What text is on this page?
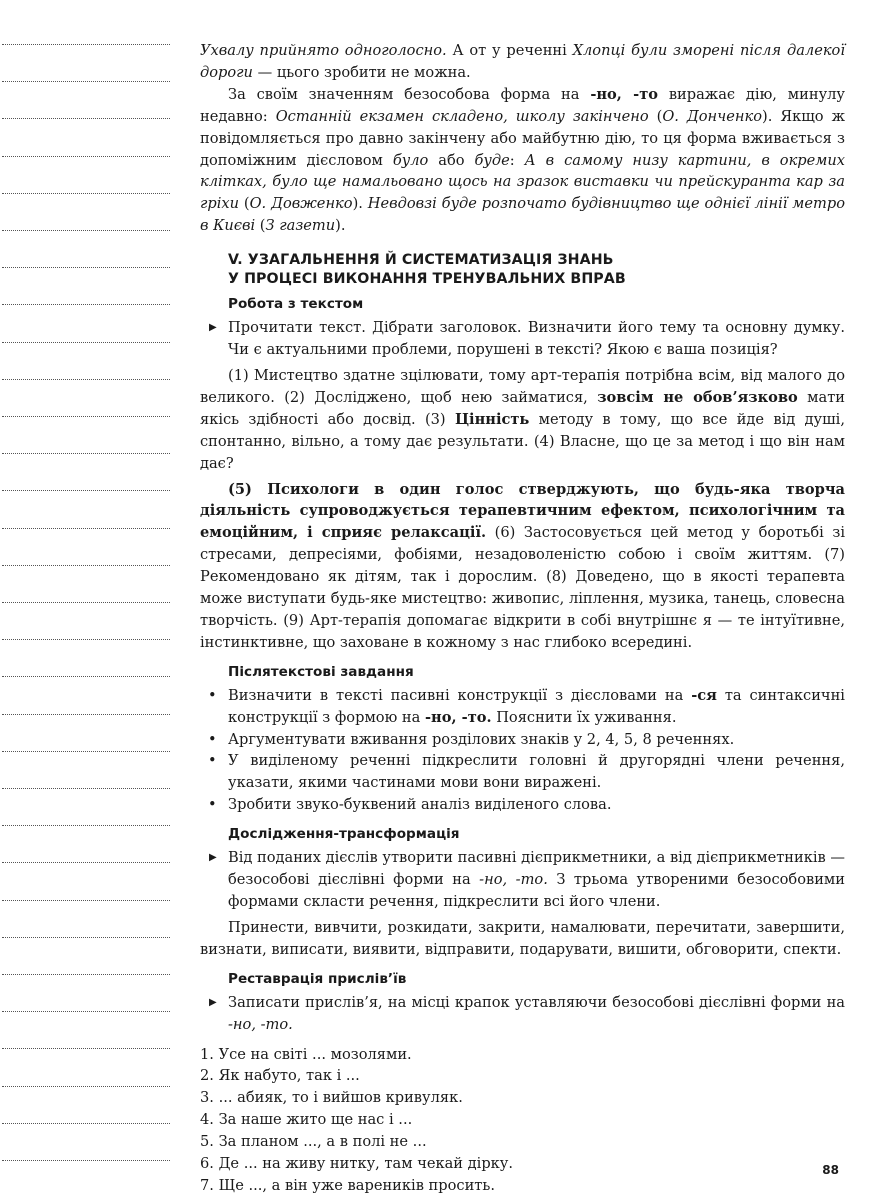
Ухвалу прийнято одноголосно. А от у реченні Хлопці були зморені після далекої дороги — цього зробити не можна.

За своїм значенням безособова форма на -но, -то виражає дію, минулу недавно: Останній екзамен складено, школу закінчено (О. Донченко). Якщо ж повідомляється про давно закінчену або майбутню дію, то ця форма вживається з допоміжним дієсловом було або буде: А в самому низу картини, в окремих клітках, було ще намальовано щось на зразок виставки чи прейскуранта кар за гріхи (О. Довженко). Невдовзі буде розпочато будівництво ще однієї лінії метро в Києві (З газети).

V. УЗАГАЛЬНЕННЯ Й СИСТЕМАТИЗАЦІЯ ЗНАНЬ
У ПРОЦЕСІ ВИКОНАННЯ ТРЕНУВАЛЬНИХ ВПРАВ
Робота з текстом
▶ Прочитати текст. Дібрати заголовок. Визначити його тему та основну думку. Чи є актуальними проблеми, порушені в тексті? Якою є ваша позиція?

(1) Мистецтво здатне зцілювати, тому арт-терапія потрібна всім, від малого до великого. (2) Досліджено, щоб нею займатися, зовсім не обов’язково мати якісь здібності або досвід. (3) Цінність методу в тому, що все йде від душі, спонтанно, вільно, а тому дає результати. (4) Власне, що це за метод і що він нам дає?

(5) Психологи в один голос стверджують, що будь-яка творча діяльність супроводжується терапевтичним ефектом, психологічним та емоційним, і сприяє релаксації. (6) Застосовується цей метод у боротьбі зі стресами, депресіями, фобіями, незадоволеністю собою і своїм життям. (7) Рекомендовано як дітям, так і дорослим. (8) Доведено, що в якості терапевта може виступати будь-яке мистецтво: живопис, ліплення, музика, танець, словесна творчість. (9) Арт-терапія допомагає відкрити в собі внутрішнє я — те інтуїтивне, інстинктивне, що заховане в кожному з нас глибоко всередині.

Післятекстові завдання
• Визначити в тексті пасивні конструкції з дієсловами на -ся та синтаксичні конструкції з формою на -но, -то. Пояснити їх уживання.
• Аргументувати вживання розділових знаків у 2, 4, 5, 8 реченнях.
• У виділеному реченні підкреслити головні й другорядні члени речення, указати, якими частинами мови вони виражені.
• Зробити звуко-буквений аналіз виділеного слова.
Дослідження-трансформація
▶ Від поданих дієслів утворити пасивні дієприкметники, а від дієприкметників — безособові дієслівні форми на -но, -то. З трьома утвореними безособовими формами скласти речення, підкреслити всі його члени.

Принести, вивчити, розкидати, закрити, намалювати, перечитати, завершити, визнати, виписати, виявити, відправити, подарувати, вишити, обговорити, спекти.

Реставрація прислів’їв
▶ Записати прислів’я, на місці крапок уставляючи безособові дієслівні форми на -но, -то.
1. Усе на світі ... мозолями.
2. Як набуто, так і ...
3. ... абияк, то і вийшов кривуляк.
4. За наше жито ще нас і ...
5. За планом ..., а в полі не ...
6. Де ... на живу нитку, там чекай дірку.
7. Ще ..., а він уже вареників просить.
88
